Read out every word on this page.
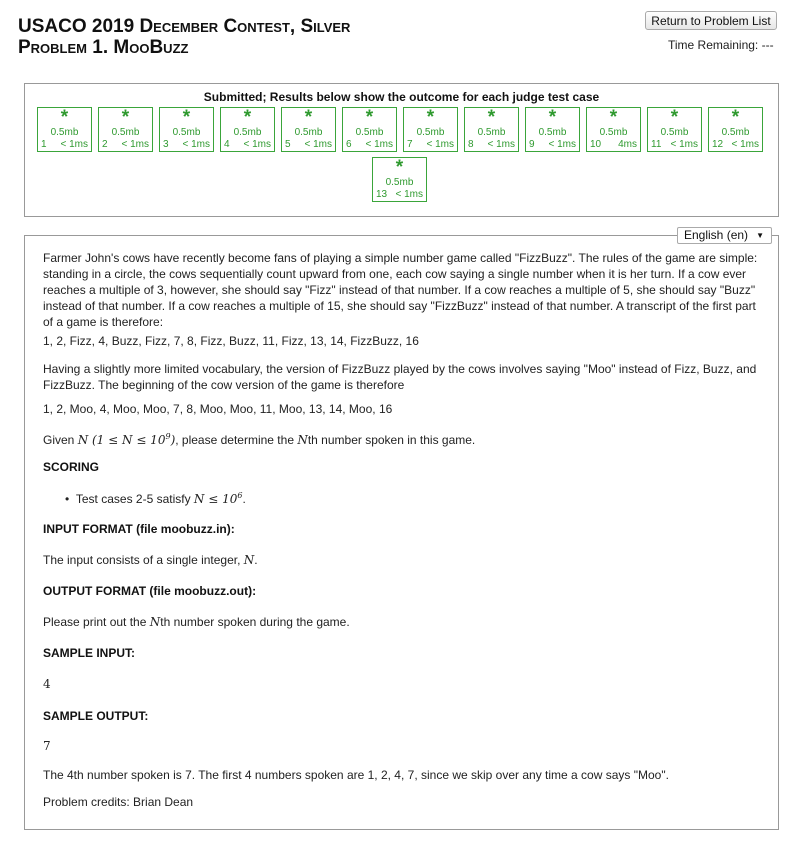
USACO 2019 December Contest, Silver
Problem 1. MooBuzz
Return to Problem List
Time Remaining: ---
Submitted; Results below show the outcome for each judge test case
*
0.5mb
1 < 1ms
*
0.5mb
2 < 1ms
*
0.5mb
3 < 1ms
*
0.5mb
4 < 1ms
*
0.5mb
5 < 1ms
*
0.5mb
6 < 1ms
*
0.5mb
7 < 1ms
*
0.5mb
8 < 1ms
*
0.5mb
9 < 1ms
*
0.5mb
10 4ms
*
0.5mb
11 < 1ms
*
0.5mb
12 < 1ms
*
0.5mb
13 < 1ms
English (en) ▼

Farmer John's cows have recently become fans of playing a simple number game called "FizzBuzz". The rules of the game are simple: standing in a circle, the cows sequentially count upward from one, each cow saying a single number when it is her turn. If a cow ever reaches a multiple of 3, however, she should say "Fizz" instead of that number. If a cow reaches a multiple of 5, she should say "Buzz" instead of that number. If a cow reaches a multiple of 15, she should say "FizzBuzz" instead of that number. A transcript of the first part of a game is therefore:

1, 2, Fizz, 4, Buzz, Fizz, 7, 8, Fizz, Buzz, 11, Fizz, 13, 14, FizzBuzz, 16

Having a slightly more limited vocabulary, the version of FizzBuzz played by the cows involves saying "Moo" instead of Fizz, Buzz, and FizzBuzz. The beginning of the cow version of the game is therefore

1, 2, Moo, 4, Moo, Moo, 7, 8, Moo, Moo, 11, Moo, 13, 14, Moo, 16

Given N $(1 \le N \le 10^9)$, please determine the Nth number spoken in this game.

SCORING
•  Test cases 2-5 satisfy $N \le 10^6$.
INPUT FORMAT (file moobuzz.in):

The input consists of a single integer, N.

OUTPUT FORMAT (file moobuzz.out):

Please print out the Nth number spoken during the game.

SAMPLE INPUT:
4
SAMPLE OUTPUT:
7

The 4th number spoken is 7. The first 4 numbers spoken are 1, 2, 4, 7, since we skip over any time a cow says "Moo".

Problem credits: Brian Dean
